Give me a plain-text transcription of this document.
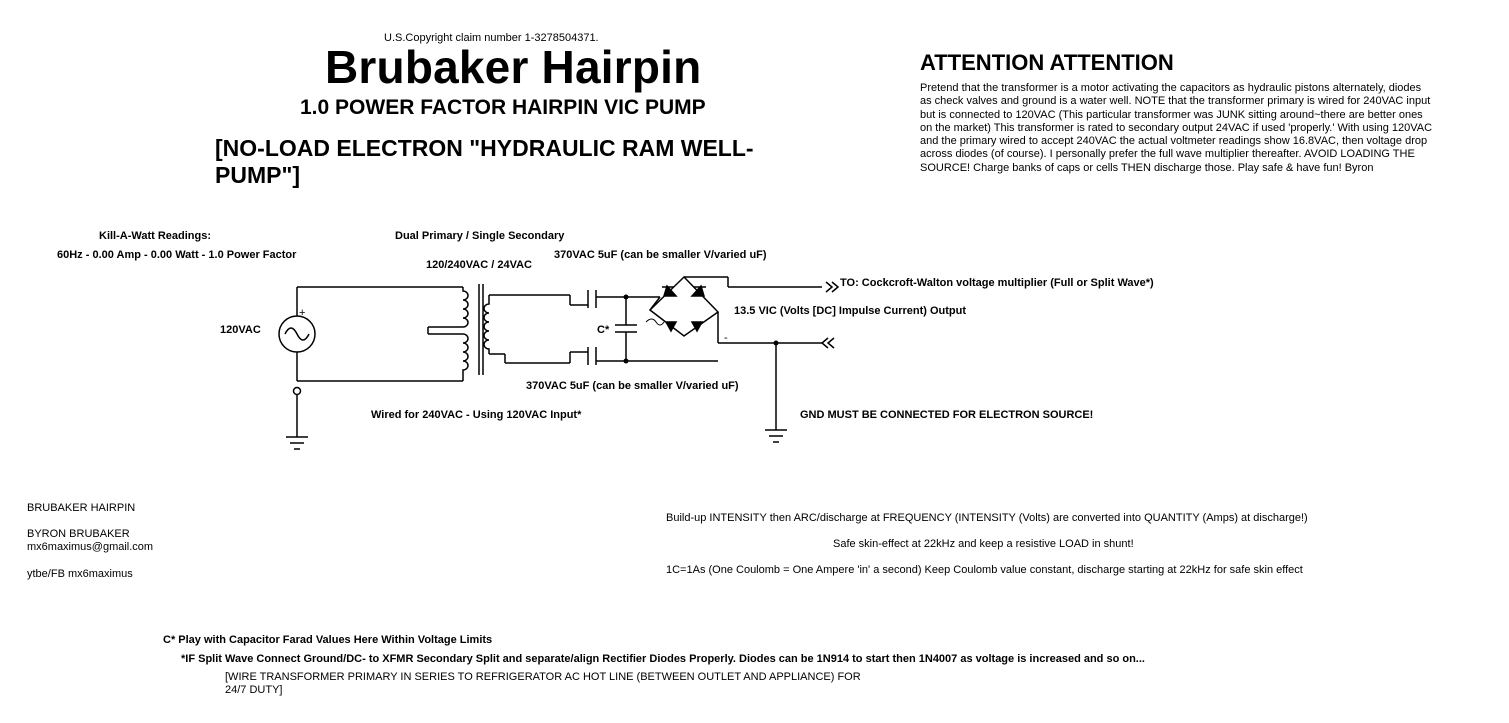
U.S.Copyright claim number 1-3278504371.
Brubaker Hairpin
1.0 POWER FACTOR HAIRPIN VIC PUMP
[NO-LOAD ELECTRON "HYDRAULIC RAM WELL-PUMP"]
ATTENTION ATTENTION
Pretend that the transformer is a motor activating the capacitors as hydraulic pistons alternately, diodes as check valves and ground is a water well. NOTE that the transformer primary is wired for 240VAC input but is connected to 120VAC (This particular transformer was JUNK sitting around~there are better ones on the market) This transformer is rated to secondary output 24VAC if used 'properly.' With using 120VAC and the primary wired to accept 240VAC the actual voltmeter readings show 16.8VAC, then voltage drop across diodes (of course). I personally prefer the full wave multiplier thereafter. AVOID LOADING THE SOURCE! Charge banks of caps or cells THEN discharge those. Play safe & have fun! Byron
+
-
Kill-A-Watt Readings:
60Hz - 0.00 Amp - 0.00 Watt - 1.0 Power Factor
Dual Primary / Single Secondary
120/240VAC / 24VAC
370VAC 5uF (can be smaller V/varied uF)
C*
370VAC 5uF (can be smaller V/varied uF)
120VAC
TO: Cockcroft-Walton voltage multiplier (Full or Split Wave*)
13.5 VIC (Volts [DC] Impulse Current) Output
Wired for 240VAC - Using 120VAC Input*	GND MUST BE CONNECTED FOR ELECTRON SOURCE!
BRUBAKER HAIRPIN
BYRON BRUBAKER
mx6maximus@gmail.com
ytbe/FB mx6maximus
Build-up INTENSITY then ARC/discharge at FREQUENCY (INTENSITY (Volts) are converted into QUANTITY (Amps) at discharge!)
Safe skin-effect at 22kHz and keep a resistive LOAD in shunt!
1C=1As (One Coulomb = One Ampere 'in' a second) Keep Coulomb value constant, discharge starting at 22kHz for safe skin effect
C* Play with Capacitor Farad Values Here Within Voltage Limits
*IF Split Wave Connect Ground/DC- to XFMR Secondary Split and separate/align Rectifier Diodes Properly. Diodes can be 1N914 to start then 1N4007 as voltage is increased and so on...
[WIRE TRANSFORMER PRIMARY IN SERIES TO REFRIGERATOR AC HOT LINE (BETWEEN OUTLET AND APPLIANCE) FOR 24/7 DUTY]
